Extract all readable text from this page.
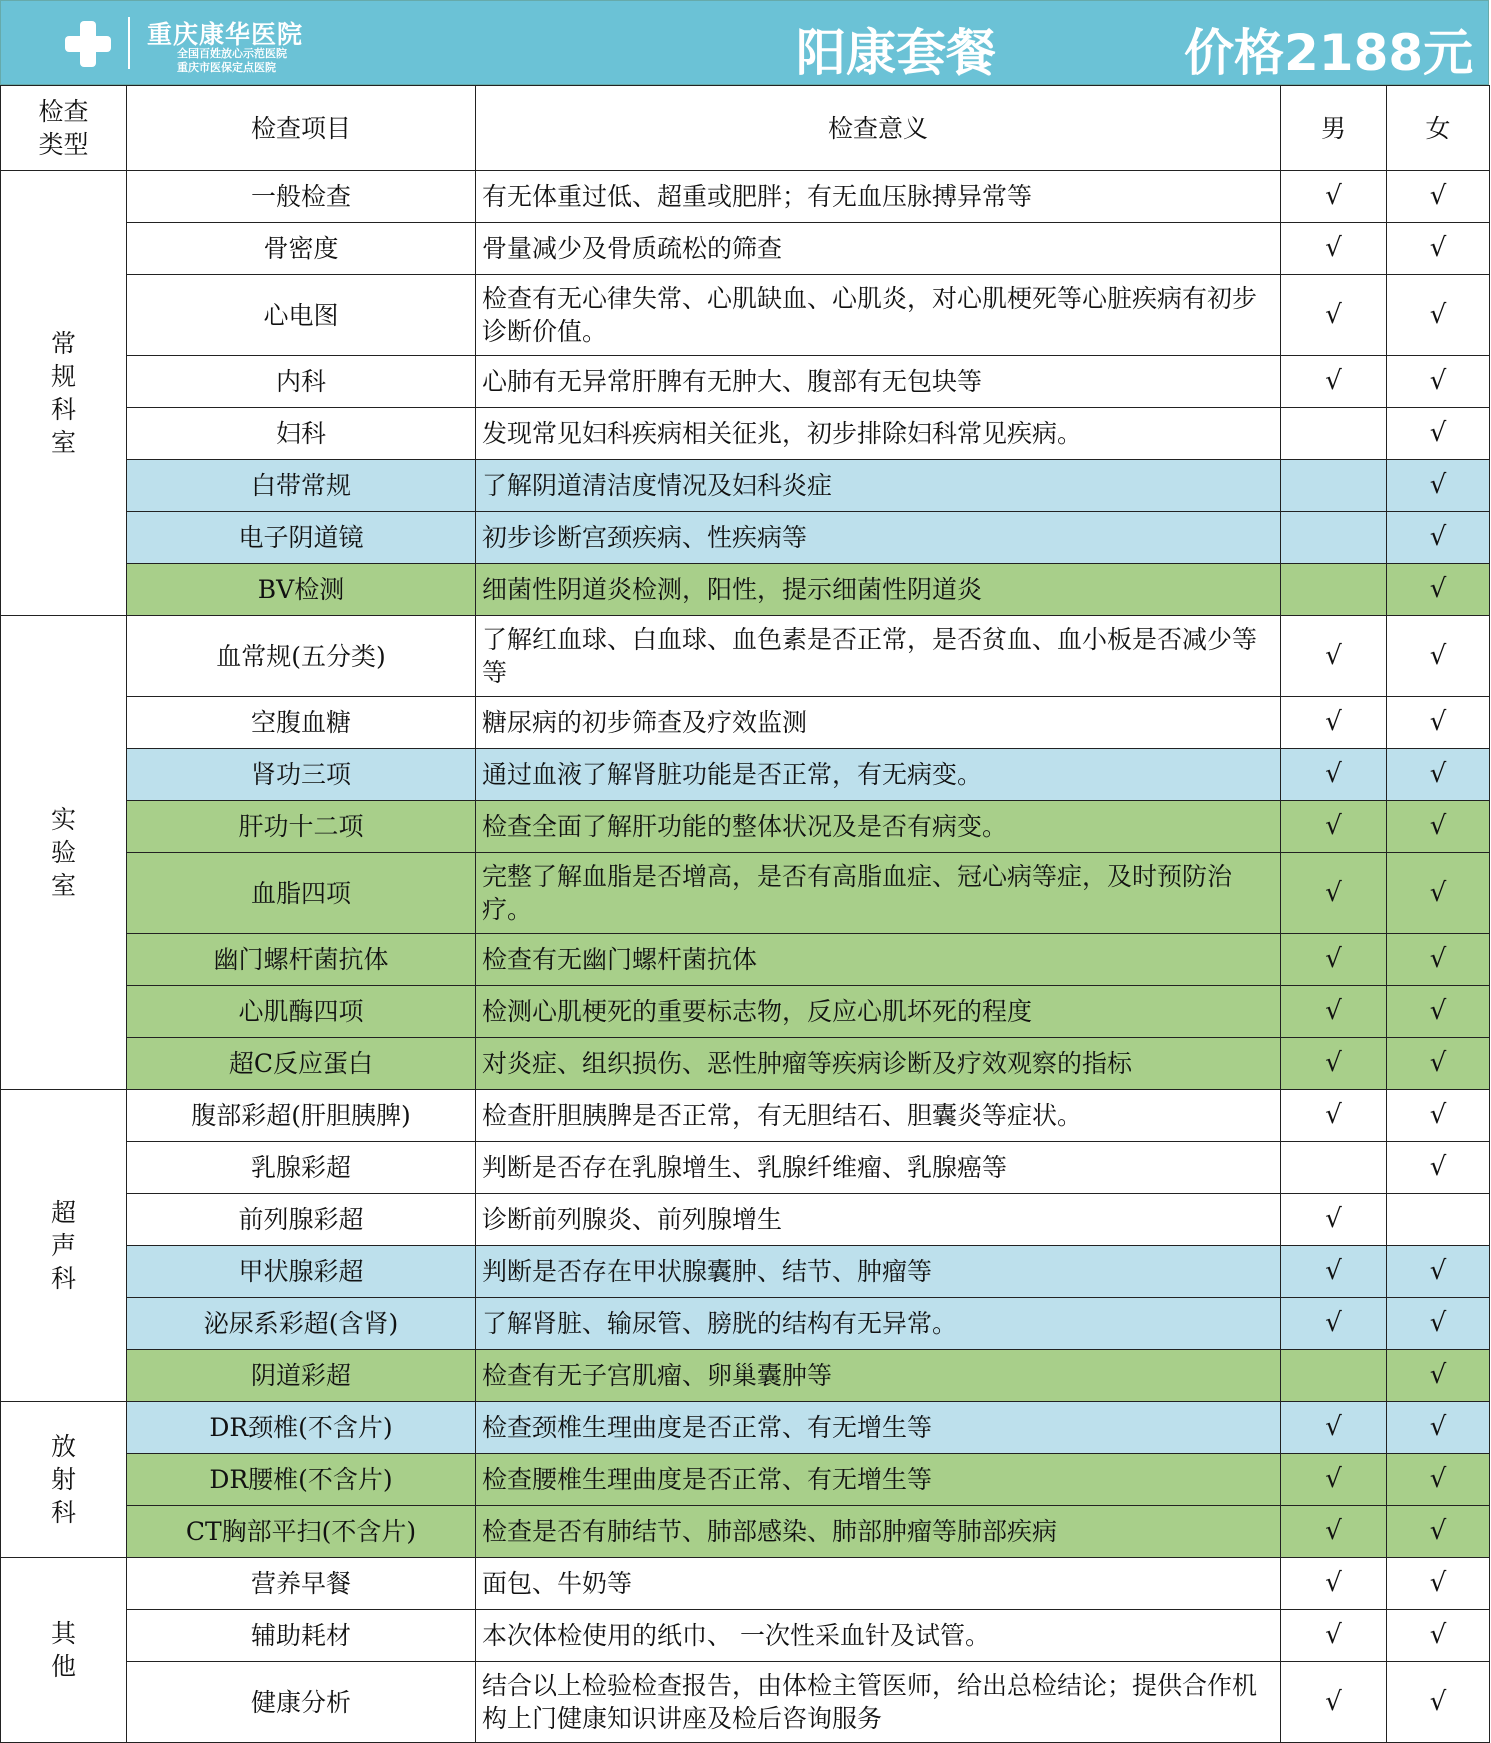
重庆康华医院
全国百姓放心示范医院
重庆市医保定点医院	阳康套餐	价格2188元
检查
类型	检查项目	检查意义	男	女
常规科室	一般检查	有无体重过低、超重或肥胖；有无血压脉搏异常等	√	√
	骨密度	骨量减少及骨质疏松的筛查	√	√
	心电图	检查有无心律失常、心肌缺血、心肌炎，对心肌梗死等心脏疾病有初步诊断价值。	√	√
	内科	心肺有无异常肝脾有无肿大、腹部有无包块等	√	√
	妇科	发现常见妇科疾病相关征兆，初步排除妇科常见疾病。		√
	白带常规	了解阴道清洁度情况及妇科炎症		√
	电子阴道镜	初步诊断宫颈疾病、性疾病等		√
	BV检测	细菌性阴道炎检测，阳性，提示细菌性阴道炎		√
实验室	血常规(五分类)	了解红血球、白血球、血色素是否正常，是否贫血、血小板是否减少等等	√	√
	空腹血糖	糖尿病的初步筛查及疗效监测	√	√
	肾功三项	通过血液了解肾脏功能是否正常，有无病变。	√	√
	肝功十二项	检查全面了解肝功能的整体状况及是否有病变。	√	√
	血脂四项	完整了解血脂是否增高，是否有高脂血症、冠心病等症，及时预防治疗。	√	√
	幽门螺杆菌抗体	检查有无幽门螺杆菌抗体	√	√
	心肌酶四项	检测心肌梗死的重要标志物，反应心肌坏死的程度	√	√
	超C反应蛋白	对炎症、组织损伤、恶性肿瘤等疾病诊断及疗效观察的指标	√	√
超声科	腹部彩超(肝胆胰脾)	检查肝胆胰脾是否正常，有无胆结石、胆囊炎等症状。	√	√
	乳腺彩超	判断是否存在乳腺增生、乳腺纤维瘤、乳腺癌等		√
	前列腺彩超	诊断前列腺炎、前列腺增生	√	
	甲状腺彩超	判断是否存在甲状腺囊肿、结节、肿瘤等	√	√
	泌尿系彩超(含肾)	了解肾脏、输尿管、膀胱的结构有无异常。	√	√
	阴道彩超	检查有无子宫肌瘤、卵巢囊肿等		√
放射科	DR颈椎(不含片)	检查颈椎生理曲度是否正常、有无增生等	√	√
	DR腰椎(不含片)	检查腰椎生理曲度是否正常、有无增生等	√	√
	CT胸部平扫(不含片)	检查是否有肺结节、肺部感染、肺部肿瘤等肺部疾病	√	√
其他	营养早餐	面包、牛奶等	√	√
	辅助耗材	本次体检使用的纸巾、 一次性采血针及试管。	√	√
	健康分析	结合以上检验检查报告，由体检主管医师，给出总检结论；提供合作机构上门健康知识讲座及检后咨询服务	√	√
